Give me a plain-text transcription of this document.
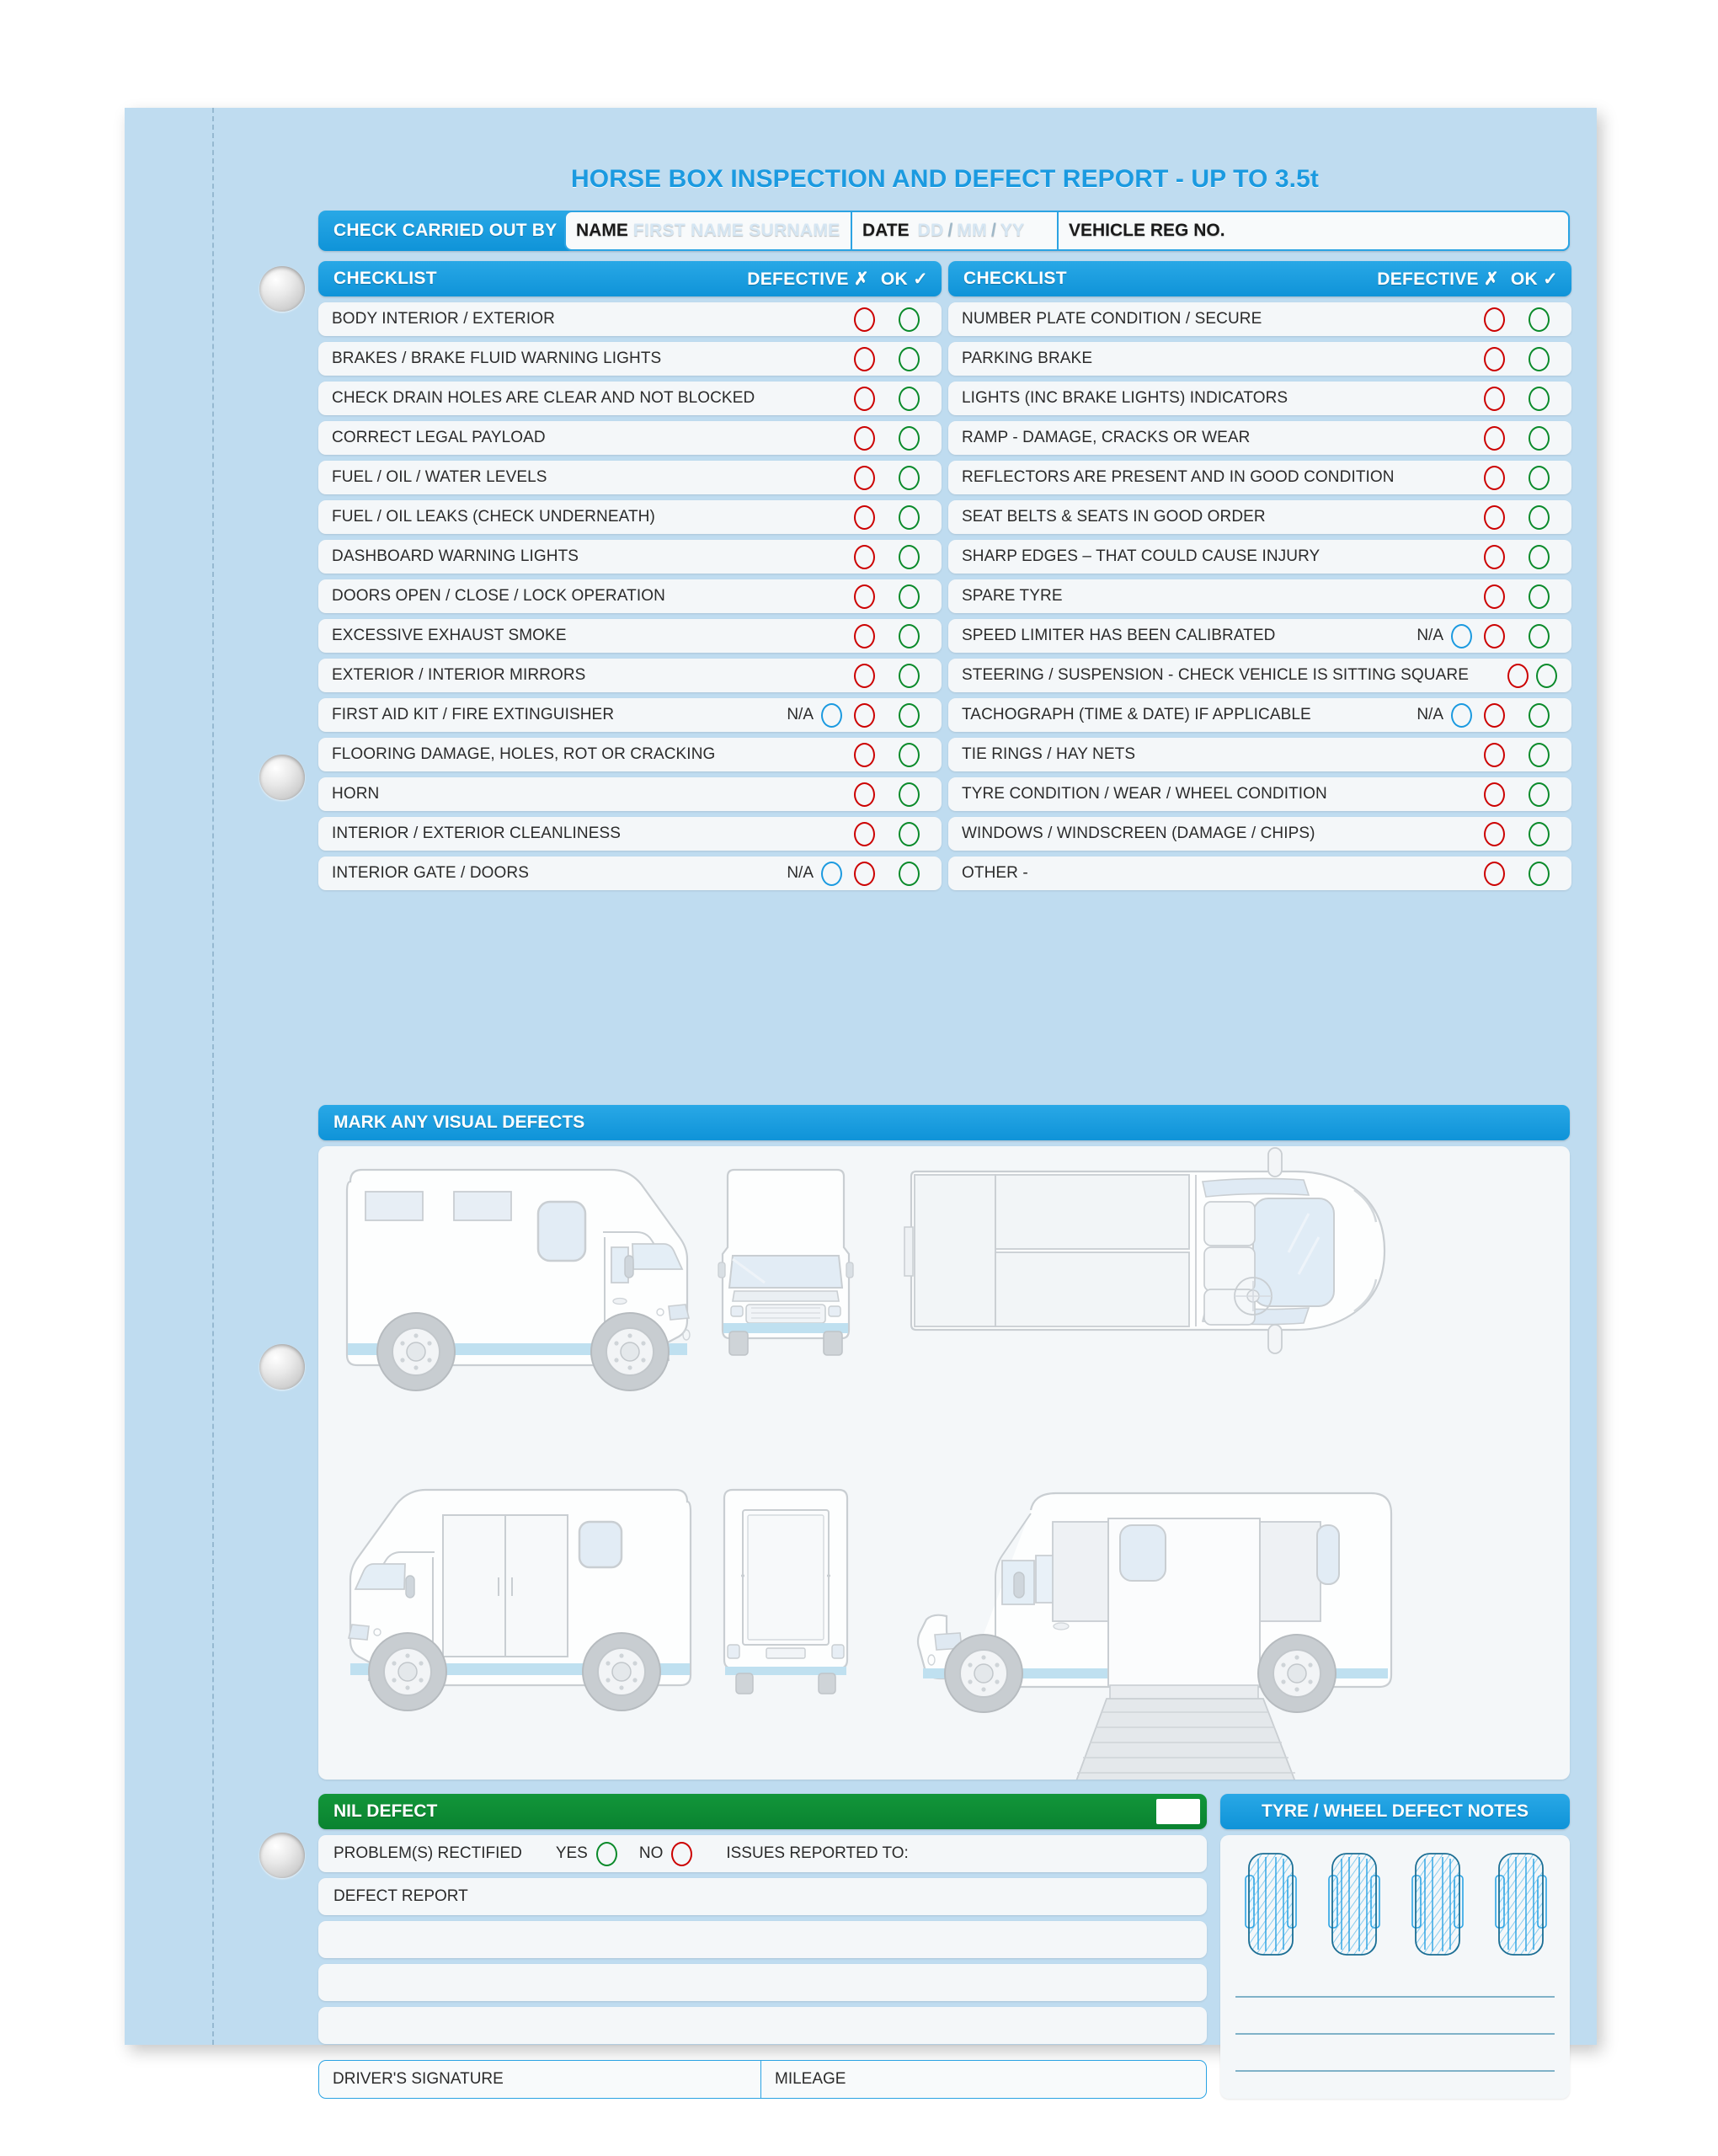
HORSE BOX INSPECTION AND DEFECT REPORT - UP TO 3.5t
CHECK CARRIED OUT BY	NAME FIRST NAME SURNAME DATE DD / MM / YY	VEHICLE REG NO.
CHECKLIST	DEFECTIVE ✗ OK ✓
BODY INTERIOR / EXTERIOR
BRAKES / BRAKE FLUID WARNING LIGHTS
CHECK DRAIN HOLES ARE CLEAR AND NOT BLOCKED
CORRECT LEGAL PAYLOAD
FUEL / OIL / WATER LEVELS
FUEL / OIL LEAKS (CHECK UNDERNEATH)
DASHBOARD WARNING LIGHTS
DOORS OPEN / CLOSE / LOCK OPERATION
EXCESSIVE EXHAUST SMOKE
EXTERIOR / INTERIOR MIRRORS
FIRST AID KIT / FIRE EXTINGUISHER	N/A
FLOORING DAMAGE, HOLES, ROT OR CRACKING
HORN
INTERIOR / EXTERIOR CLEANLINESS
INTERIOR GATE / DOORS	N/A
CHECKLIST	DEFECTIVE ✗ OK ✓
NUMBER PLATE CONDITION / SECURE
PARKING BRAKE
LIGHTS (INC BRAKE LIGHTS) INDICATORS
RAMP - DAMAGE, CRACKS OR WEAR
REFLECTORS ARE PRESENT AND IN GOOD CONDITION
SEAT BELTS & SEATS IN GOOD ORDER
SHARP EDGES – THAT COULD CAUSE INJURY
SPARE TYRE
SPEED LIMITER HAS BEEN CALIBRATED	N/A
STEERING / SUSPENSION - CHECK VEHICLE IS SITTING SQUARE
TACHOGRAPH (TIME & DATE) IF APPLICABLE	N/A
TIE RINGS / HAY NETS
TYRE CONDITION / WEAR / WHEEL CONDITION
WINDOWS / WINDSCREEN (DAMAGE / CHIPS)
OTHER -
MARK ANY VISUAL DEFECTS
NIL DEFECT
PROBLEM(S) RECTIFIED YES	NO	ISSUES REPORTED TO:
DEFECT REPORT
DRIVER'S SIGNATURE	MILEAGE
TYRE / WHEEL DEFECT NOTES
